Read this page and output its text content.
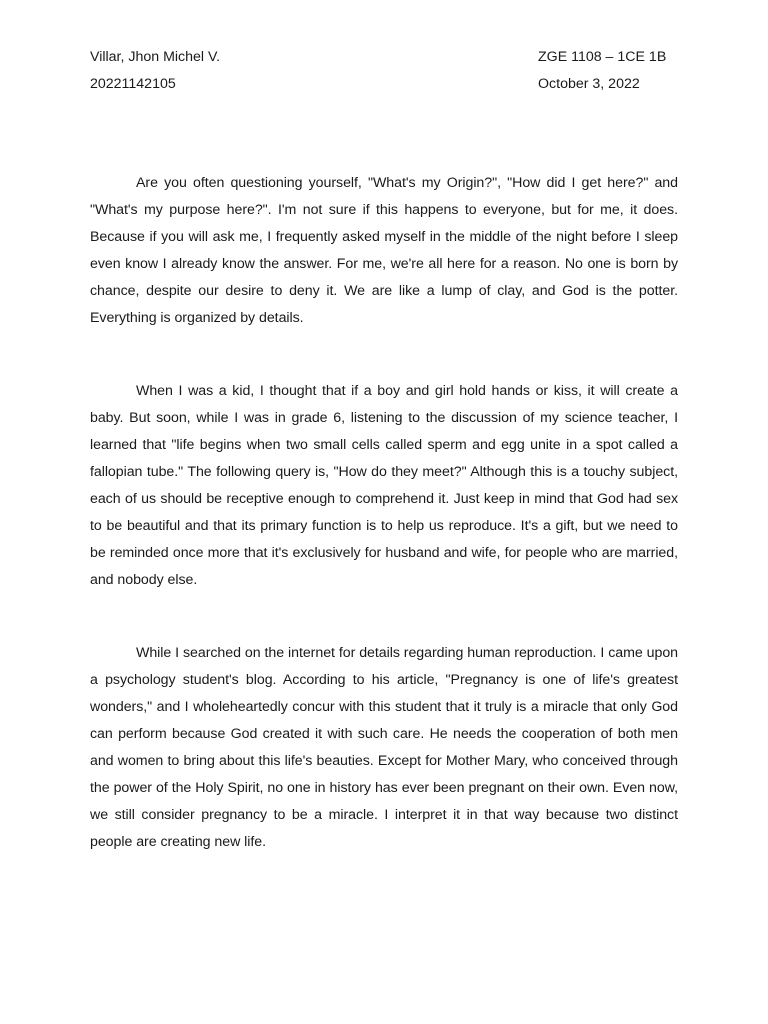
Villar, Jhon Michel V.	ZGE 1108 – 1CE 1B
20221142105	October 3, 2022

Are you often questioning yourself, "What's my Origin?", "How did I get here?" and "What's my purpose here?". I'm not sure if this happens to everyone, but for me, it does. Because if you will ask me, I frequently asked myself in the middle of the night before I sleep even know I already know the answer. For me, we're all here for a reason. No one is born by chance, despite our desire to deny it. We are like a lump of clay, and God is the potter. Everything is organized by details.

When I was a kid, I thought that if a boy and girl hold hands or kiss, it will create a baby. But soon, while I was in grade 6, listening to the discussion of my science teacher, I learned that "life begins when two small cells called sperm and egg unite in a spot called a fallopian tube." The following query is, "How do they meet?" Although this is a touchy subject, each of us should be receptive enough to comprehend it. Just keep in mind that God had sex to be beautiful and that its primary function is to help us reproduce. It's a gift, but we need to be reminded once more that it's exclusively for husband and wife, for people who are married, and nobody else.

While I searched on the internet for details regarding human reproduction. I came upon a psychology student's blog. According to his article, "Pregnancy is one of life's greatest wonders," and I wholeheartedly concur with this student that it truly is a miracle that only God can perform because God created it with such care. He needs the cooperation of both men and women to bring about this life's beauties. Except for Mother Mary, who conceived through the power of the Holy Spirit, no one in history has ever been pregnant on their own. Even now, we still consider pregnancy to be a miracle. I interpret it in that way because two distinct people are creating new life.
